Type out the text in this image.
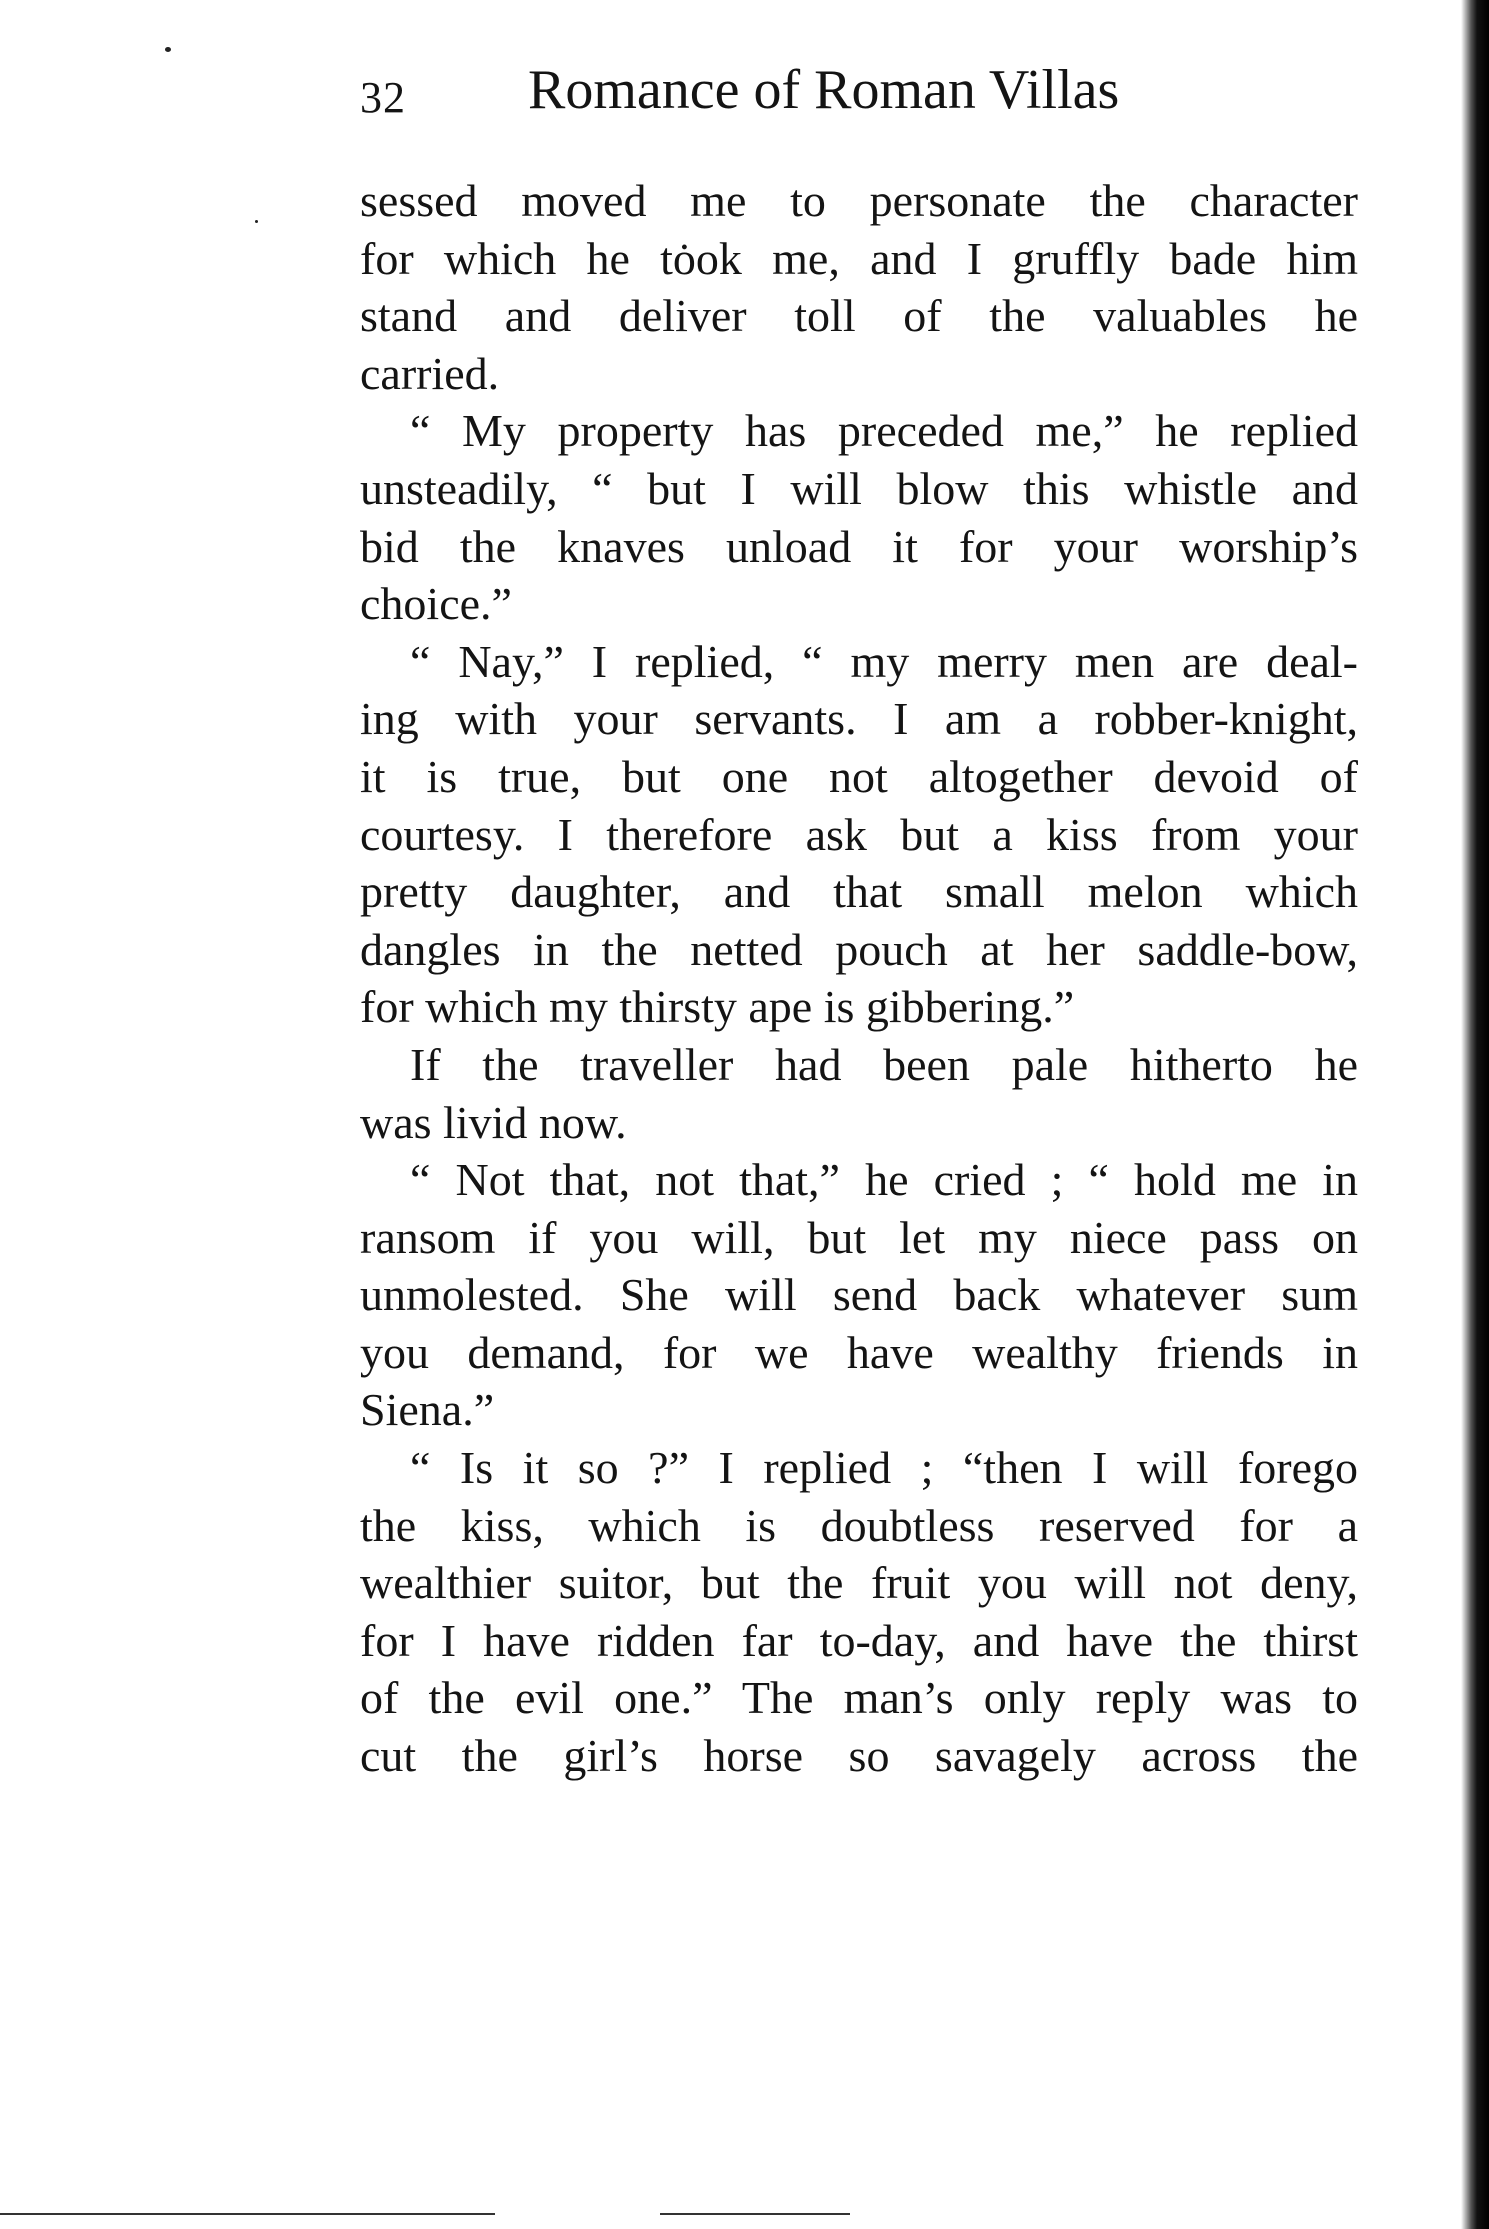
32 Romance of Roman Villas
sessed moved me to personate the character
for which he tȯok me, and I gruffly bade him
stand and deliver toll of the valuables he
carried.
“ My property has preceded me,” he replied
unsteadily, “ but I will blow this whistle and
bid the knaves unload it for your worship’s
choice.”
“ Nay,” I replied, “ my merry men are deal-
ing with your servants. I am a robber-knight,
it is true, but one not altogether devoid of
courtesy. I therefore ask but a kiss from your
pretty daughter, and that small melon which
dangles in the netted pouch at her saddle-bow,
for which my thirsty ape is gibbering.”
If the traveller had been pale hitherto he
was livid now.
“ Not that, not that,” he cried ; “ hold me in
ransom if you will, but let my niece pass on
unmolested. She will send back whatever sum
you demand, for we have wealthy friends in
Siena.”
“ Is it so ?” I replied ; “then I will forego
the kiss, which is doubtless reserved for a
wealthier suitor, but the fruit you will not deny,
for I have ridden far to-day, and have the thirst
of the evil one.” The man’s only reply was to
cut the girl’s horse so savagely across the
